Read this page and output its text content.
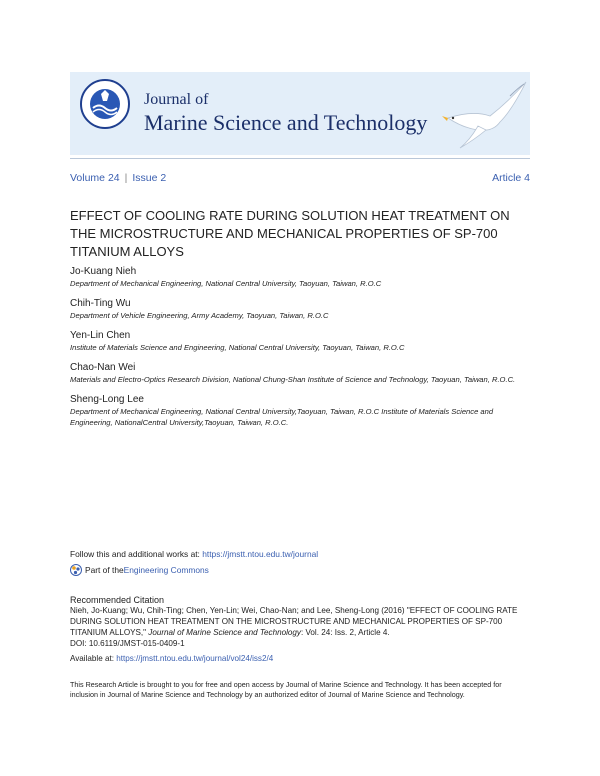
Journal of
Marine Science and Technology
Volume 24 | Issue 2	Article 4
EFFECT OF COOLING RATE DURING SOLUTION HEAT TREATMENT ON THE MICROSTRUCTURE AND MECHANICAL PROPERTIES OF SP-700 TITANIUM ALLOYS
Jo-Kuang Nieh
Department of Mechanical Engineering, National Central University, Taoyuan, Taiwan, R.O.C
Chih-Ting Wu
Department of Vehicle Engineering, Army Academy, Taoyuan, Taiwan, R.O.C
Yen-Lin Chen
Institute of Materials Science and Engineering, National Central University, Taoyuan, Taiwan, R.O.C
Chao-Nan Wei
Materials and Electro-Optics Research Division, National Chung-Shan Institute of Science and Technology, Taoyuan, Taiwan, R.O.C.
Sheng-Long Lee
Department of Mechanical Engineering, National Central University,Taoyuan, Taiwan, R.O.C Institute of Materials Science and Engineering, NationalCentral University,Taoyuan, Taiwan, R.O.C.
Follow this and additional works at: https://jmstt.ntou.edu.tw/journal
Part of the Engineering Commons
Recommended Citation
Nieh, Jo-Kuang; Wu, Chih-Ting; Chen, Yen-Lin; Wei, Chao-Nan; and Lee, Sheng-Long (2016) "EFFECT OF COOLING RATE DURING SOLUTION HEAT TREATMENT ON THE MICROSTRUCTURE AND MECHANICAL PROPERTIES OF SP-700 TITANIUM ALLOYS," Journal of Marine Science and Technology: Vol. 24: Iss. 2, Article 4.
DOI: 10.6119/JMST-015-0409-1
Available at: https://jmstt.ntou.edu.tw/journal/vol24/iss2/4
This Research Article is brought to you for free and open access by Journal of Marine Science and Technology. It has been accepted for inclusion in Journal of Marine Science and Technology by an authorized editor of Journal of Marine Science and Technology.
